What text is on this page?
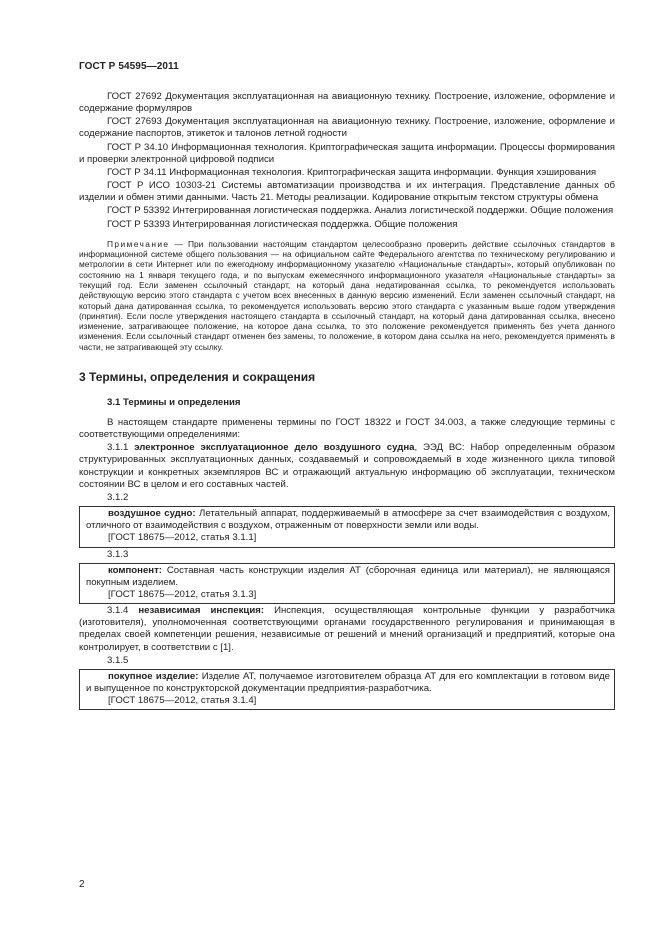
ГОСТ Р 54595—2011

ГОСТ 27692 Документация эксплуатационная на авиационную технику. Построение, изложение, оформление и содержание формуляров

ГОСТ 27693 Документация эксплуатационная на авиационную технику. Построение, изложение, оформление и содержание паспортов, этикеток и талонов летной годности

ГОСТ Р 34.10 Информационная технология. Криптографическая защита информации. Процессы формирования и проверки электронной цифровой подписи

ГОСТ Р 34.11 Информационная технология. Криптографическая защита информации. Функция хэширования

ГОСТ Р ИСО 10303-21 Системы автоматизации производства и их интеграция. Представление данных об изделии и обмен этими данными. Часть 21. Методы реализации. Кодирование открытым текстом структуры обмена

ГОСТ Р 53392 Интегрированная логистическая поддержка. Анализ логистической поддержки. Общие положения

ГОСТ Р 53393 Интегрированная логистическая поддержка. Общие положения

Примечание — При пользовании настоящим стандартом целесообразно проверить действие ссылочных стандартов в информационной системе общего пользования — на официальном сайте Федерального агентства по техническому регулированию и метрологии в сети Интернет или по ежегодному информационному указателю «Национальные стандарты», который опубликован по состоянию на 1 января текущего года, и по выпускам ежемесячного информационного указателя «Национальные стандарты» за текущий год. Если заменен ссылочный стандарт, на который дана недатированная ссылка, то рекомендуется использовать действующую версию этого стандарта с учетом всех внесенных в данную версию изменений. Если заменен ссылочный стандарт, на который дана датированная ссылка, то рекомендуется использовать версию этого стандарта с указанным выше годом утверждения (принятия). Если после утверждения настоящего стандарта в ссылочный стандарт, на который дана датированная ссылка, внесено изменение, затрагивающее положение, на которое дана ссылка, то это положение рекомендуется применять без учета данного изменения. Если ссылочный стандарт отменен без замены, то положение, в котором дана ссылка на него, рекомендуется применять в части, не затрагивающей эту ссылку.

3 Термины, определения и сокращения

3.1 Термины и определения

В настоящем стандарте применены термины по ГОСТ 18322 и ГОСТ 34.003, а также следующие термины с соответствующими определениями:

3.1.1 электронное эксплуатационное дело воздушного судна, ЭЭД ВС: Набор определенным образом структурированных эксплуатационных данных, создаваемый и сопровождаемый в ходе жизненного цикла типовой конструкции и конкретных экземпляров ВС и отражающий актуальную информацию об эксплуатации, техническом состоянии ВС в целом и его составных частей.

3.1.2

воздушное судно: Летательный аппарат, поддерживаемый в атмосфере за счет взаимодействия с воздухом, отличного от взаимодействия с воздухом, отраженным от поверхности земли или воды.

[ГОСТ 18675—2012, статья 3.1.1]

3.1.3

компонент: Составная часть конструкции изделия АТ (сборочная единица или материал), не являющаяся покупным изделием.

[ГОСТ 18675—2012, статья 3.1.3]

3.1.4 независимая инспекция: Инспекция, осуществляющая контрольные функции у разработчика (изготовителя), уполномоченная соответствующими органами государственного регулирования и принимающая в пределах своей компетенции решения, независимые от решений и мнений организаций и предприятий, которые она контролирует, в соответствии с [1].

3.1.5

покупное изделие: Изделие АТ, получаемое изготовителем образца АТ для его комплектации в готовом виде и выпущенное по конструкторской документации предприятия-разработчика.

[ГОСТ 18675—2012, статья 3.1.4]

2
